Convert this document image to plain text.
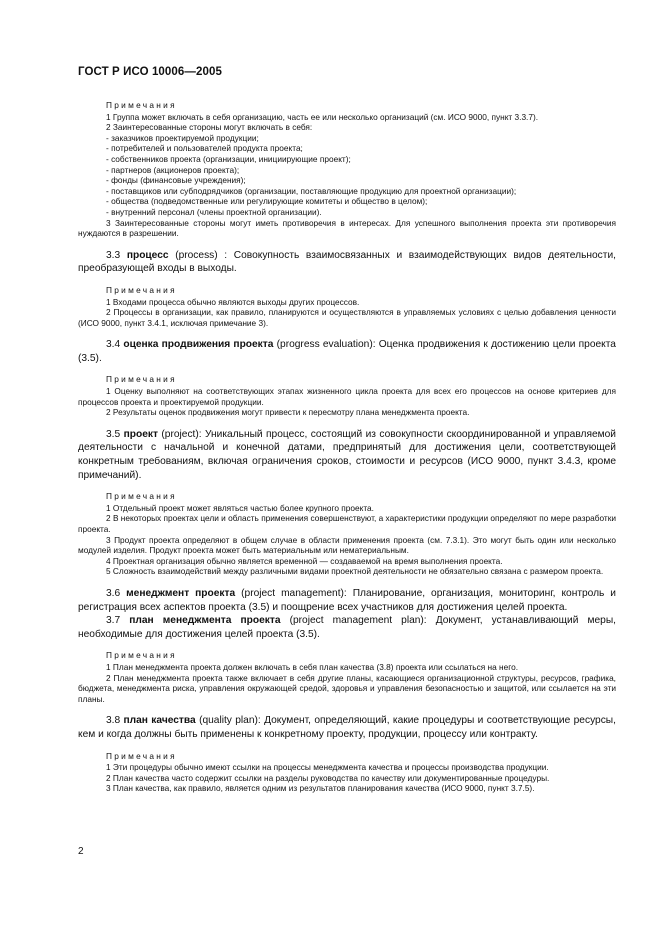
ГОСТ Р ИСО 10006—2005
Примечания
1 Группа может включать в себя организацию, часть ее или несколько организаций (см. ИСО 9000, пункт 3.3.7).
2 Заинтересованные стороны могут включать в себя:
- заказчиков проектируемой продукции;
- потребителей и пользователей продукта проекта;
- собственников проекта (организации, инициирующие проект);
- партнеров (акционеров проекта);
- фонды (финансовые учреждения);
- поставщиков или субподрядчиков (организации, поставляющие продукцию для проектной организации);
- общества (подведомственные или регулирующие комитеты и общество в целом);
- внутренний персонал (члены проектной организации).
3 Заинтересованные стороны могут иметь противоречия в интересах. Для успешного выполнения проекта эти противоречия нуждаются в разрешении.
3.3 процесс (process) : Совокупность взаимосвязанных и взаимодействующих видов деятельности, преобразующей входы в выходы.
Примечания
1 Входами процесса обычно являются выходы других процессов.
2 Процессы в организации, как правило, планируются и осуществляются в управляемых условиях с целью добавления ценности (ИСО 9000, пункт 3.4.1, исключая примечание 3).
3.4 оценка продвижения проекта (progress evaluation): Оценка продвижения к достижению цели проекта (3.5).
Примечания
1 Оценку выполняют на соответствующих этапах жизненного цикла проекта для всех его процессов на основе критериев для процессов проекта и проектируемой продукции.
2 Результаты оценок продвижения могут привести к пересмотру плана менеджмента проекта.
3.5 проект (project): Уникальный процесс, состоящий из совокупности скоординированной и управляемой деятельности с начальной и конечной датами, предпринятый для достижения цели, соответствующей конкретным требованиям, включая ограничения сроков, стоимости и ресурсов (ИСО 9000, пункт 3.4.3, кроме примечаний).
Примечания
1 Отдельный проект может являться частью более крупного проекта.
2 В некоторых проектах цели и область применения совершенствуют, а характеристики продукции определяют по мере разработки проекта.
3 Продукт проекта определяют в общем случае в области применения проекта (см. 7.3.1). Это могут быть один или несколько модулей изделия. Продукт проекта может быть материальным или нематериальным.
4 Проектная организация обычно является временной — создаваемой на время выполнения проекта.
5 Сложность взаимодействий между различными видами проектной деятельности не обязательно связана с размером проекта.
3.6 менеджмент проекта (project management): Планирование, организация, мониторинг, контроль и регистрация всех аспектов проекта (3.5) и поощрение всех участников для достижения целей проекта.
3.7 план менеджмента проекта (project management plan): Документ, устанавливающий меры, необходимые для достижения целей проекта (3.5).
Примечания
1 План менеджмента проекта должен включать в себя план качества (3.8) проекта или ссылаться на него.
2 План менеджмента проекта также включает в себя другие планы, касающиеся организационной структуры, ресурсов, графика, бюджета, менеджмента риска, управления окружающей средой, здоровья и управления безопасностью и защитой, или ссылается на эти планы.
3.8 план качества (quality plan): Документ, определяющий, какие процедуры и соответствующие ресурсы, кем и когда должны быть применены к конкретному проекту, продукции, процессу или контракту.
Примечания
1 Эти процедуры обычно имеют ссылки на процессы менеджмента качества и процессы производства продукции.
2 План качества часто содержит ссылки на разделы руководства по качеству или документированные процедуры.
3 План качества, как правило, является одним из результатов планирования качества (ИСО 9000, пункт 3.7.5).
2
